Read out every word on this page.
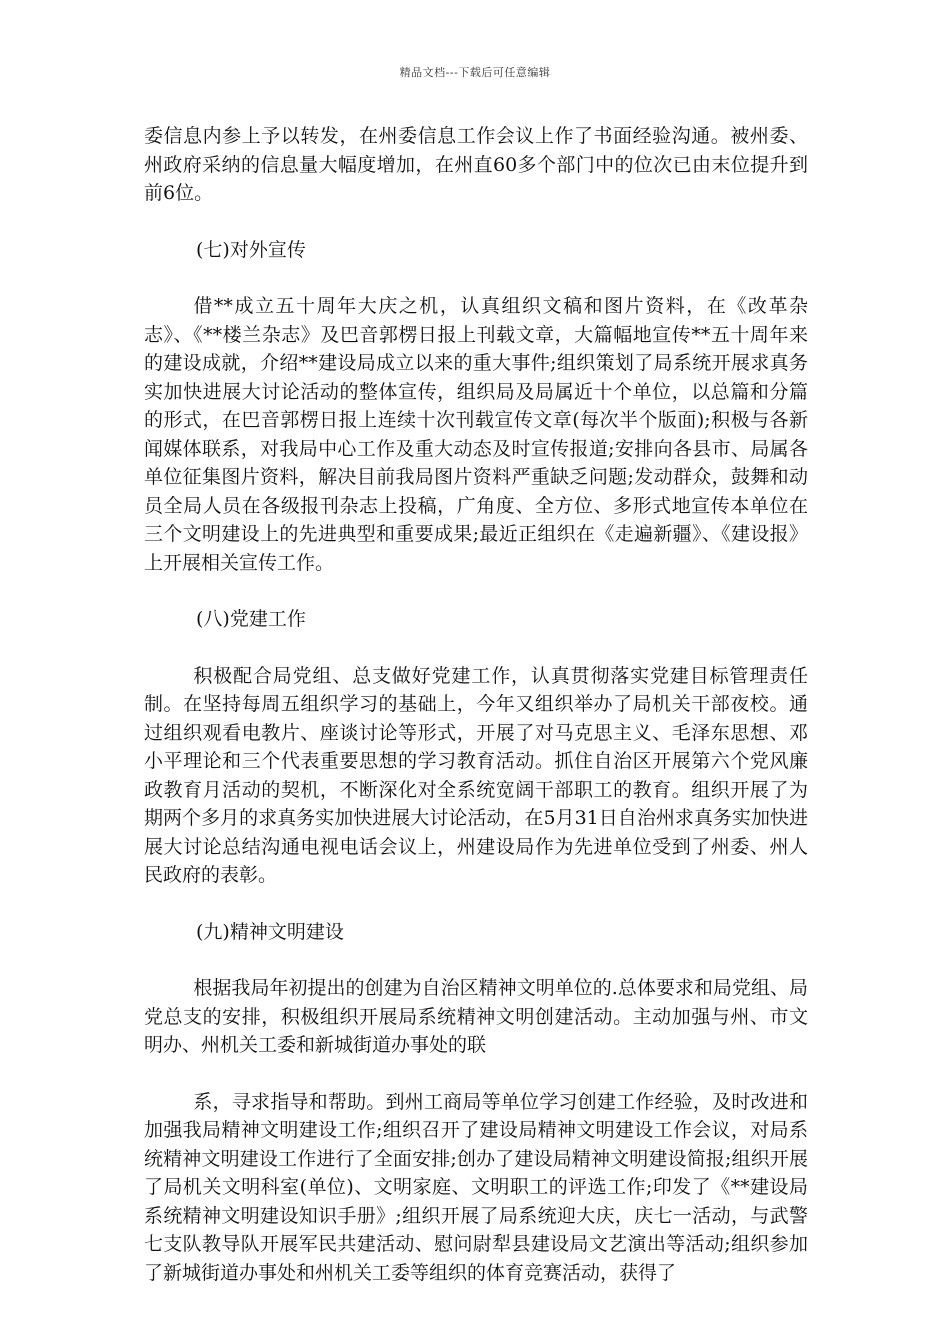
精品文档---下载后可任意编辑

委信息内参上予以转发，在州委信息工作会议上作了书面经验沟通。被州委、州政府采纳的信息量大幅度增加，在州直60多个部门中的位次已由末位提升到前6位。

(七)对外宣传

借**成立五十周年大庆之机，认真组织文稿和图片资料，在《改革杂志》、《**楼兰杂志》及巴音郭楞日报上刊载文章，大篇幅地宣传**五十周年来的建设成就，介绍**建设局成立以来的重大事件;组织策划了局系统开展求真务实加快进展大讨论活动的整体宣传，组织局及局属近十个单位，以总篇和分篇的形式，在巴音郭楞日报上连续十次刊载宣传文章(每次半个版面);积极与各新闻媒体联系，对我局中心工作及重大动态及时宣传报道;安排向各县市、局属各单位征集图片资料，解决目前我局图片资料严重缺乏问题;发动群众，鼓舞和动员全局人员在各级报刊杂志上投稿，广角度、全方位、多形式地宣传本单位在三个文明建设上的先进典型和重要成果;最近正组织在《走遍新疆》、《建设报》上开展相关宣传工作。

(八)党建工作

积极配合局党组、总支做好党建工作，认真贯彻落实党建目标管理责任制。在坚持每周五组织学习的基础上，今年又组织举办了局机关干部夜校。通过组织观看电教片、座谈讨论等形式，开展了对马克思主义、毛泽东思想、邓小平理论和三个代表重要思想的学习教育活动。抓住自治区开展第六个党风廉政教育月活动的契机，不断深化对全系统宽阔干部职工的教育。组织开展了为期两个多月的求真务实加快进展大讨论活动，在5月31日自治州求真务实加快进展大讨论总结沟通电视电话会议上，州建设局作为先进单位受到了州委、州人民政府的表彰。

(九)精神文明建设

根据我局年初提出的创建为自治区精神文明单位的.总体要求和局党组、局党总支的安排，积极组织开展局系统精神文明创建活动。主动加强与州、市文明办、州机关工委和新城街道办事处的联

系，寻求指导和帮助。到州工商局等单位学习创建工作经验，及时改进和加强我局精神文明建设工作;组织召开了建设局精神文明建设工作会议，对局系统精神文明建设工作进行了全面安排;创办了建设局精神文明建设简报;组织开展了局机关文明科室(单位)、文明家庭、文明职工的评选工作;印发了《**建设局系统精神文明建设知识手册》;组织开展了局系统迎大庆，庆七一活动，与武警七支队教导队开展军民共建活动、慰问尉犁县建设局文艺演出等活动;组织参加了新城街道办事处和州机关工委等组织的体育竞赛活动，获得了
